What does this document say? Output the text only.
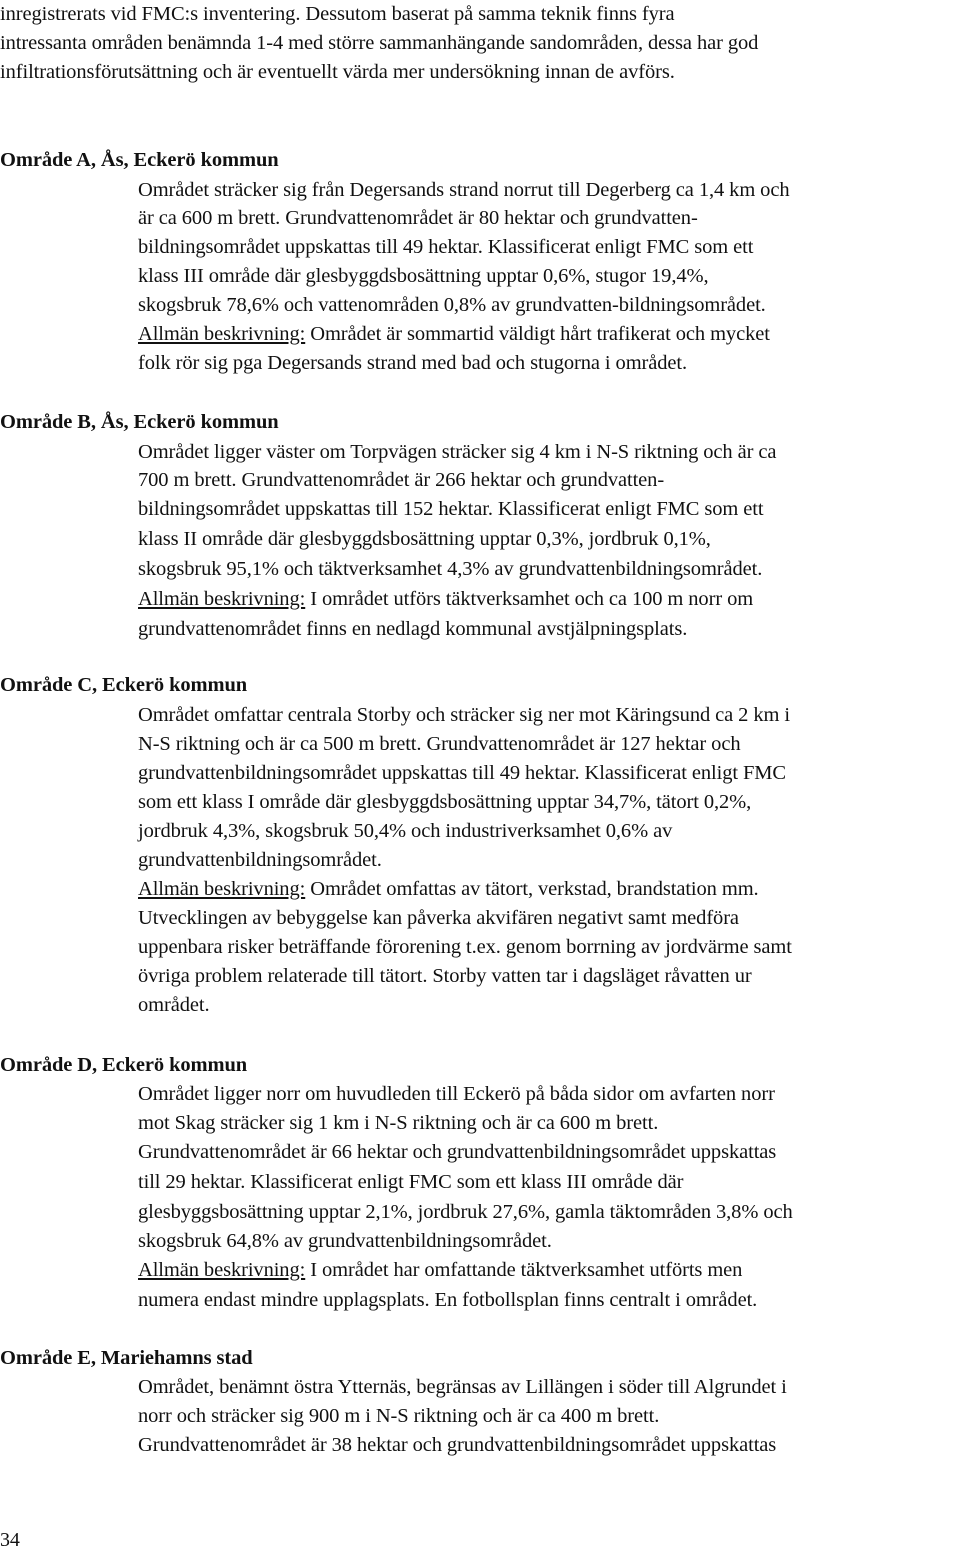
inregistrerats vid FMC:s inventering. Dessutom baserat på samma teknik finns fyra
intressanta områden benämnda 1-4 med större sammanhängande sandområden, dessa har god
infiltrationsförutsättning och är eventuellt värda mer undersökning innan de avförs.
Område A, Ås, Eckerö kommun
Området sträcker sig från Degersands strand norrut till Degerberg ca 1,4 km och
är ca 600 m brett. Grundvattenområdet är 80 hektar och grundvatten-
bildningsområdet uppskattas till 49 hektar. Klassificerat enligt FMC som ett
klass III område där glesbyggdsbosättning upptar 0,6%, stugor 19,4%,
skogsbruk 78,6% och vattenområden 0,8% av grundvatten-bildningsområdet.
Allmän beskrivning: Området är sommartid väldigt hårt trafikerat och mycket
folk rör sig pga Degersands strand med bad och stugorna i området.
Område B, Ås, Eckerö kommun
Området ligger väster om Torpvägen sträcker sig 4 km i N-S riktning och är ca
700 m brett. Grundvattenområdet är 266 hektar och grundvatten-
bildningsområdet uppskattas till 152 hektar. Klassificerat enligt FMC som ett
klass II område där glesbyggdsbosättning upptar 0,3%, jordbruk 0,1%,
skogsbruk 95,1% och täktverksamhet 4,3% av grundvattenbildningsområdet.
Allmän beskrivning: I området utförs täktverksamhet och ca 100 m norr om
grundvattenområdet finns en nedlagd kommunal avstjälpningsplats.
Område C, Eckerö kommun
Området omfattar centrala Storby och sträcker sig ner mot Käringsund ca 2 km i
N-S riktning och är ca 500 m brett. Grundvattenområdet är 127 hektar och
grundvattenbildningsområdet uppskattas till 49 hektar. Klassificerat enligt FMC
som ett klass I område där glesbyggdsbosättning upptar 34,7%, tätort 0,2%,
jordbruk 4,3%, skogsbruk 50,4% och industriverksamhet 0,6% av
grundvattenbildningsområdet.
Allmän beskrivning: Området omfattas av tätort, verkstad, brandstation mm.
Utvecklingen av bebyggelse kan påverka akvifären negativt samt medföra
uppenbara risker beträffande förorening t.ex. genom borrning av jordvärme samt
övriga problem relaterade till tätort. Storby vatten tar i dagsläget råvatten ur
området.
Område D, Eckerö kommun
Området ligger norr om huvudleden till Eckerö på båda sidor om avfarten norr
mot Skag sträcker sig 1 km i N-S riktning och är ca 600 m brett.
Grundvattenområdet är 66 hektar och grundvattenbildningsområdet uppskattas
till 29 hektar. Klassificerat enligt FMC som ett klass III område där
glesbyggsbosättning upptar 2,1%, jordbruk 27,6%, gamla täktområden 3,8% och
skogsbruk 64,8% av grundvattenbildningsområdet.
Allmän beskrivning: I området har omfattande täktverksamhet utförts men
numera endast mindre upplagsplats. En fotbollsplan finns centralt i området.
Område E, Mariehamns stad
Området, benämnt östra Ytternäs, begränsas av Lillängen i söder till Algrundet i
norr och sträcker sig 900 m i N-S riktning och är ca 400 m brett.
Grundvattenområdet är 38 hektar och grundvattenbildningsområdet uppskattas
34
